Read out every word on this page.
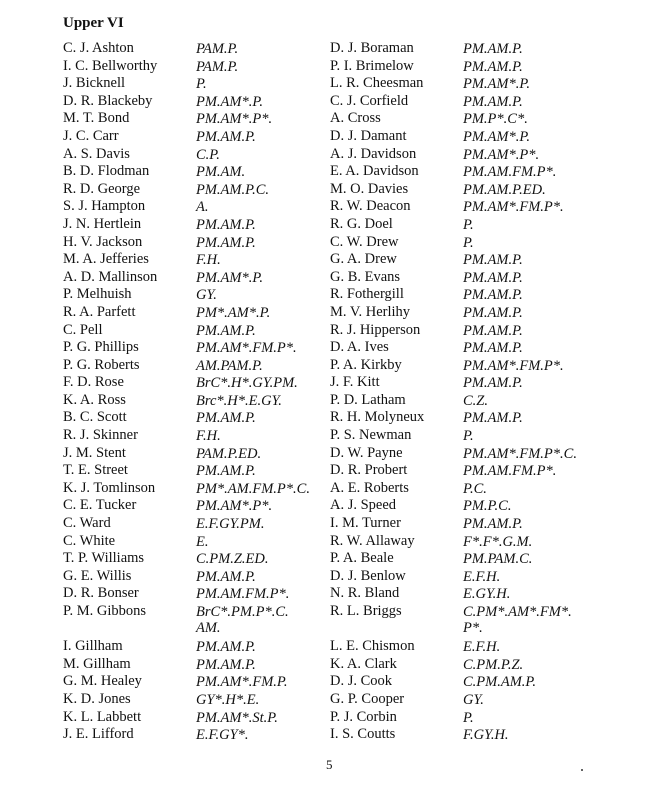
Upper VI
C. J. Ashton	PAM.P.
I. C. Bellworthy	PAM.P.
J. Bicknell	P.
D. R. Blackeby	PM.AM*.P.
M. T. Bond	PM.AM*.P*.
J. C. Carr	PM.AM.P.
A. S. Davis	C.P.
B. D. Flodman	PM.AM.
R. D. George	PM.AM.P.C.
S. J. Hampton	A.
J. N. Hertlein	PM.AM.P.
H. V. Jackson	PM.AM.P.
M. A. Jefferies	F.H.
A. D. Mallinson	PM.AM*.P.
P. Melhuish	GY.
R. A. Parfett	PM*.AM*.P.
C. Pell	PM.AM.P.
P. G. Phillips	PM.AM*.FM.P*.
P. G. Roberts	AM.PAM.P.
F. D. Rose	BrC*.H*.GY.PM.
K. A. Ross	Brc*.H*.E.GY.
B. C. Scott	PM.AM.P.
R. J. Skinner	F.H.
J. M. Stent	PAM.P.ED.
T. E. Street	PM.AM.P.
K. J. Tomlinson	PM*.AM.FM.P*.C.
C. E. Tucker	PM.AM*.P*.
C. Ward	E.F.GY.PM.
C. White	E.
T. P. Williams	C.PM.Z.ED.
G. E. Willis	PM.AM.P.
D. R. Bonser	PM.AM.FM.P*.
P. M. Gibbons	BrC*.PM.P*.C.
AM.
I. Gillham	PM.AM.P.
M. Gillham	PM.AM.P.
G. M. Healey	PM.AM*.FM.P.
K. D. Jones	GY*.H*.E.
K. L. Labbett	PM.AM*.St.P.
J. E. Lifford	E.F.GY*.
D. J. Boraman	PM.AM.P.
P. I. Brimelow	PM.AM.P.
L. R. Cheesman	PM.AM*.P.
C. J. Corfield	PM.AM.P.
A. Cross	PM.P*.C*.
D. J. Damant	PM.AM*.P.
A. J. Davidson	PM.AM*.P*.
E. A. Davidson	PM.AM.FM.P*.
M. O. Davies	PM.AM.P.ED.
R. W. Deacon	PM.AM*.FM.P*.
R. G. Doel	P.
C. W. Drew	P.
G. A. Drew	PM.AM.P.
G. B. Evans	PM.AM.P.
R. Fothergill	PM.AM.P.
M. V. Herlihy	PM.AM.P.
R. J. Hipperson	PM.AM.P.
D. A. Ives	PM.AM.P.
P. A. Kirkby	PM.AM*.FM.P*.
J. F. Kitt	PM.AM.P.
P. D. Latham	C.Z.
R. H. Molyneux	PM.AM.P.
P. S. Newman	P.
D. W. Payne	PM.AM*.FM.P*.C.
D. R. Probert	PM.AM.FM.P*.
A. E. Roberts	P.C.
A. J. Speed	PM.P.C.
I. M. Turner	PM.AM.P.
R. W. Allaway	F*.F*.G.M.
P. A. Beale	PM.PAM.C.
D. J. Benlow	E.F.H.
N. R. Bland	E.GY.H.
R. L. Briggs	C.PM*.AM*.FM*.
P*.
L. E. Chismon	E.F.H.
K. A. Clark	C.PM.P.Z.
D. J. Cook	C.PM.AM.P.
G. P. Cooper	GY.
P. J. Corbin	P.
I. S. Coutts	F.GY.H.
5
